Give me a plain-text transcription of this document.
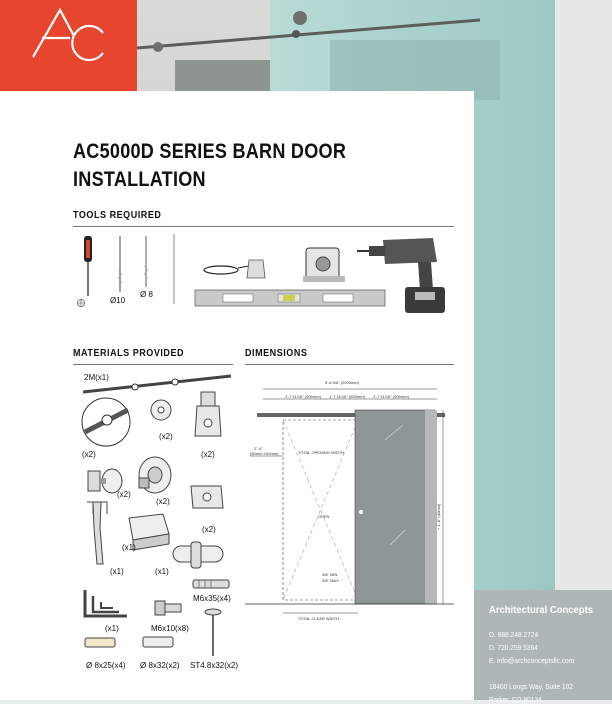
AC5000D SERIES BARN DOOR
INSTALLATION
TOOLS REQUIRED
Ø10
Ø 8
MATERIALS PROVIDED
2M(x1)
(x2)
(x2)
(x2)
(x2)
(x2)
(x2)
(x1)
(x1)	(x1)
M6x35(x4)
(x1)	M6x10(x8)
Ø 8x25(x4) Ø 8x32(x2) ST4.8x32(x2)
DIMENSIONS
6'-6 5/8" (2000mm)
1'-7 11/16" (500mm) 1'-7 11/16" (500mm) 1'-7 11/16" (500mm)
2"-4"
(50mm-100mm)	TOTAL OPENING WIDTH
OPEN
3/8" MIN
3/8" MAX
+ 1'-8" (40mm)
TOTAL CLEAR WIDTH
Architectural Concepts
O. 888.248.2724
D. 720.259.5364
E. info@archconceptsllc.com
18400 Longs Way, Suite 102
Parker, CO 80134
